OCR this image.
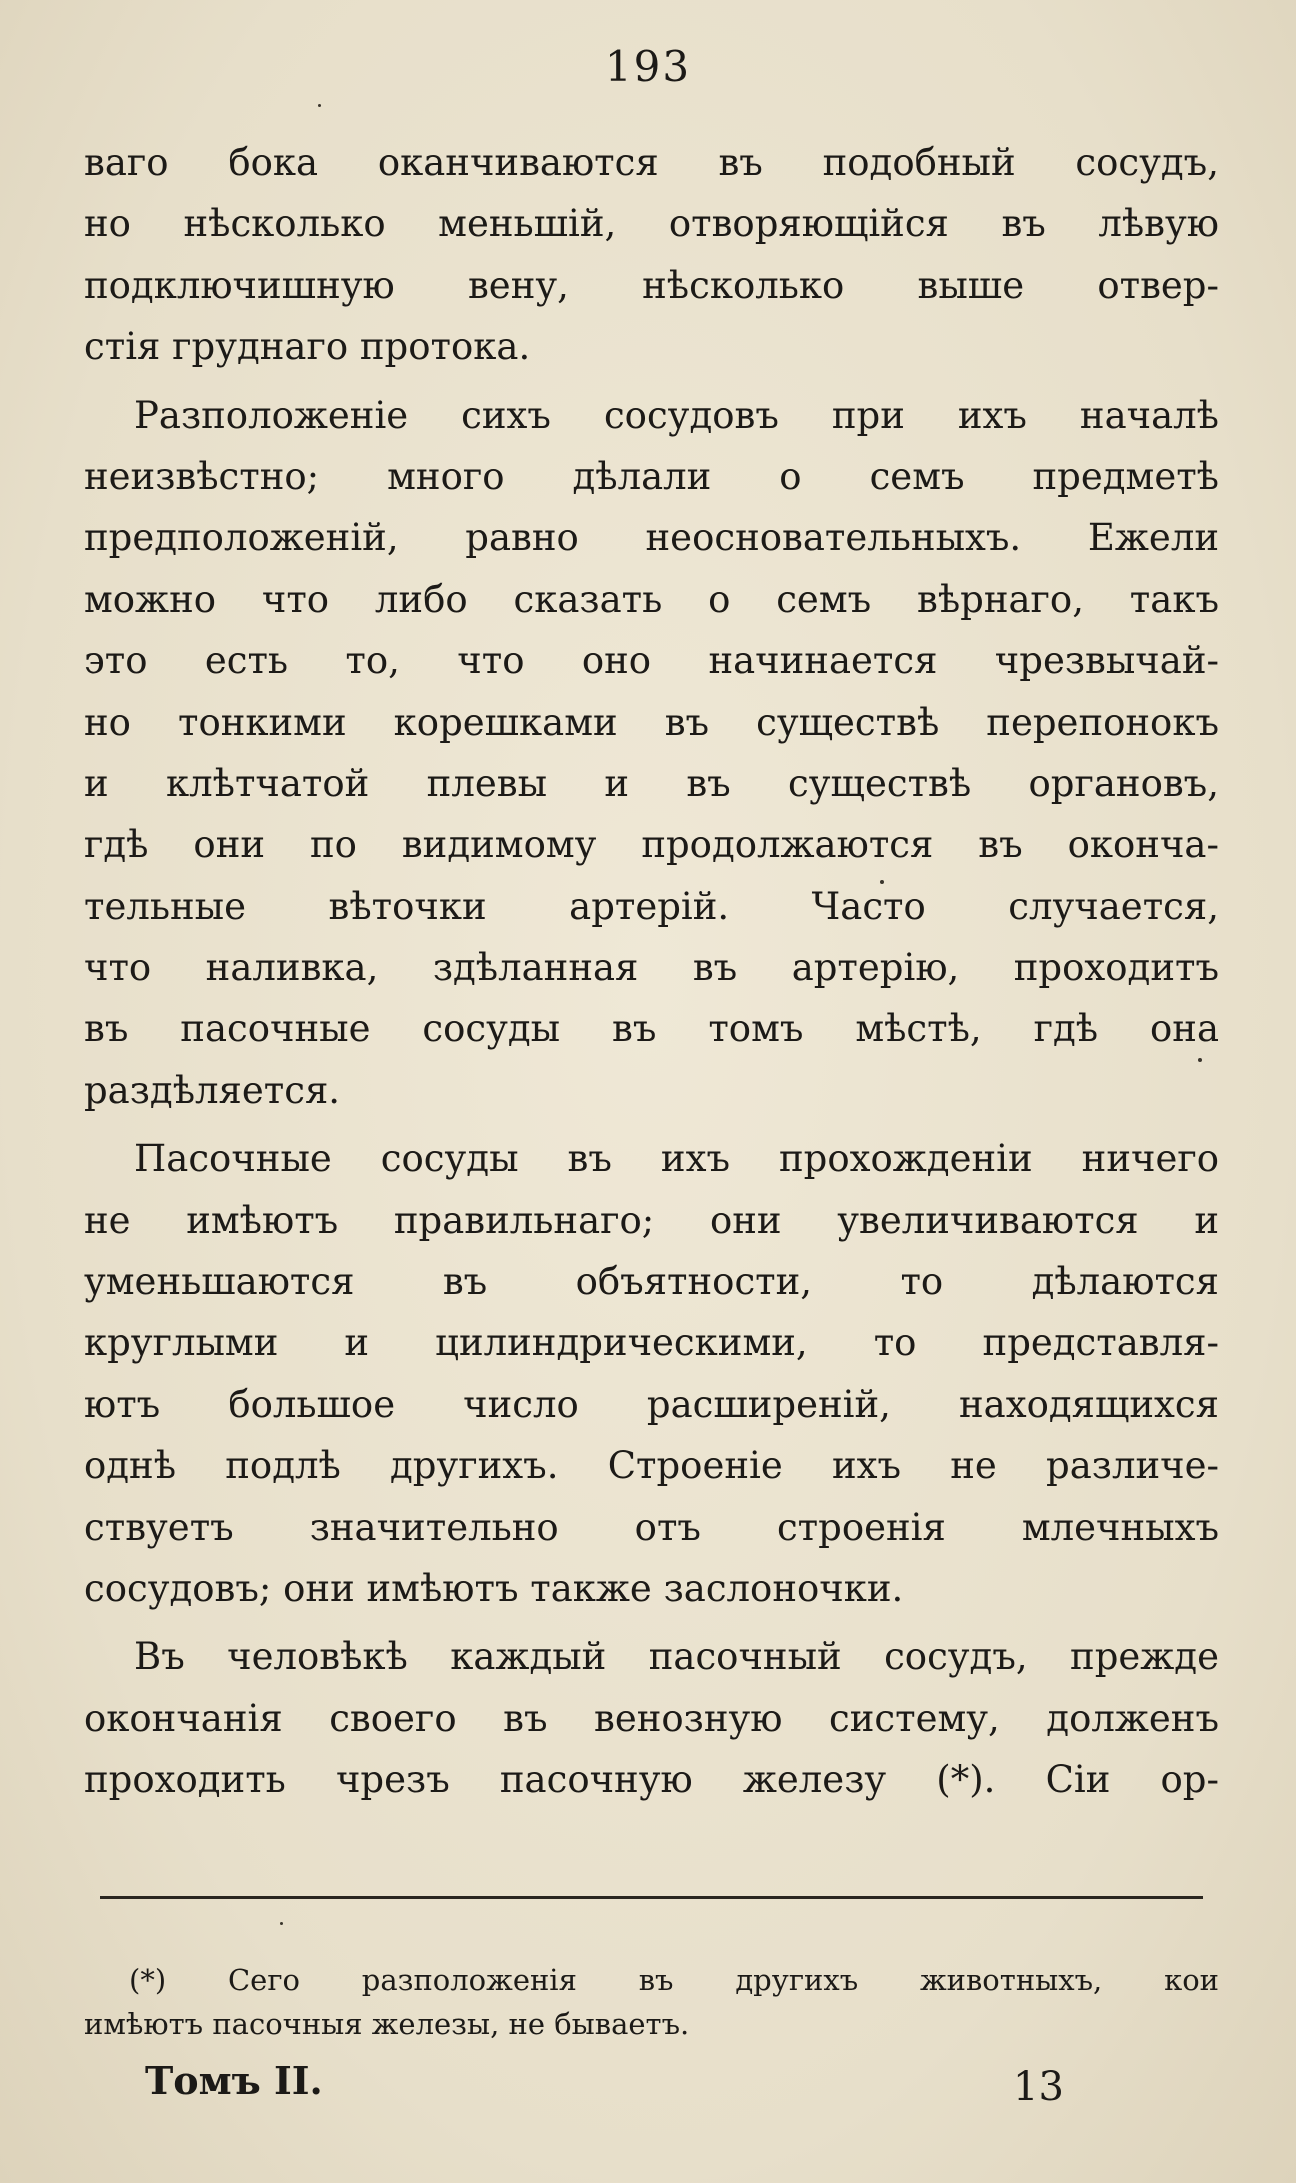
193
ваго бока оканчиваются въ подобный сосудъ,
но нѣсколько меньшій, отворяющійся въ лѣвую
подключишную вену, нѣсколько выше отвер-
стія груднаго протока.
Разположеніе сихъ сосудовъ при ихъ началѣ
неизвѣстно; много дѣлали о семъ предметѣ
предположеній, равно неосновательныхъ. Ежели
можно что либо сказать о семъ вѣрнаго, такъ
это есть то, что оно начинается чрезвычай-
но тонкими корешками въ существѣ перепонокъ
и клѣтчатой плевы и въ существѣ органовъ,
гдѣ они по видимому продолжаются въ оконча-
тельные вѣточки артерій. Часто случается,
что наливка, здѣланная въ артерію, проходитъ
въ пасочные сосуды въ томъ мѣстѣ, гдѣ она
раздѣляется.
Пасочные сосуды въ ихъ прохожденіи ничего
не имѣютъ правильнаго; они увеличиваются и
уменьшаются въ объятности, то дѣлаются
круглыми и цилиндрическими, то представля-
ютъ большое число расширеній, находящихся
однѣ подлѣ другихъ. Строеніе ихъ не различе-
ствуетъ значительно отъ строенія млечныхъ
сосудовъ; они имѣютъ также заслоночки.
Въ человѣкѣ каждый пасочный сосудъ, прежде
окончанія своего въ венозную систему, долженъ
проходить чрезъ пасочную железу (*). Сіи ор-
(*) Сего разположенія въ другихъ животныхъ, кои
имѣютъ пасочныя железы, не бываетъ.
Томъ II.	13
